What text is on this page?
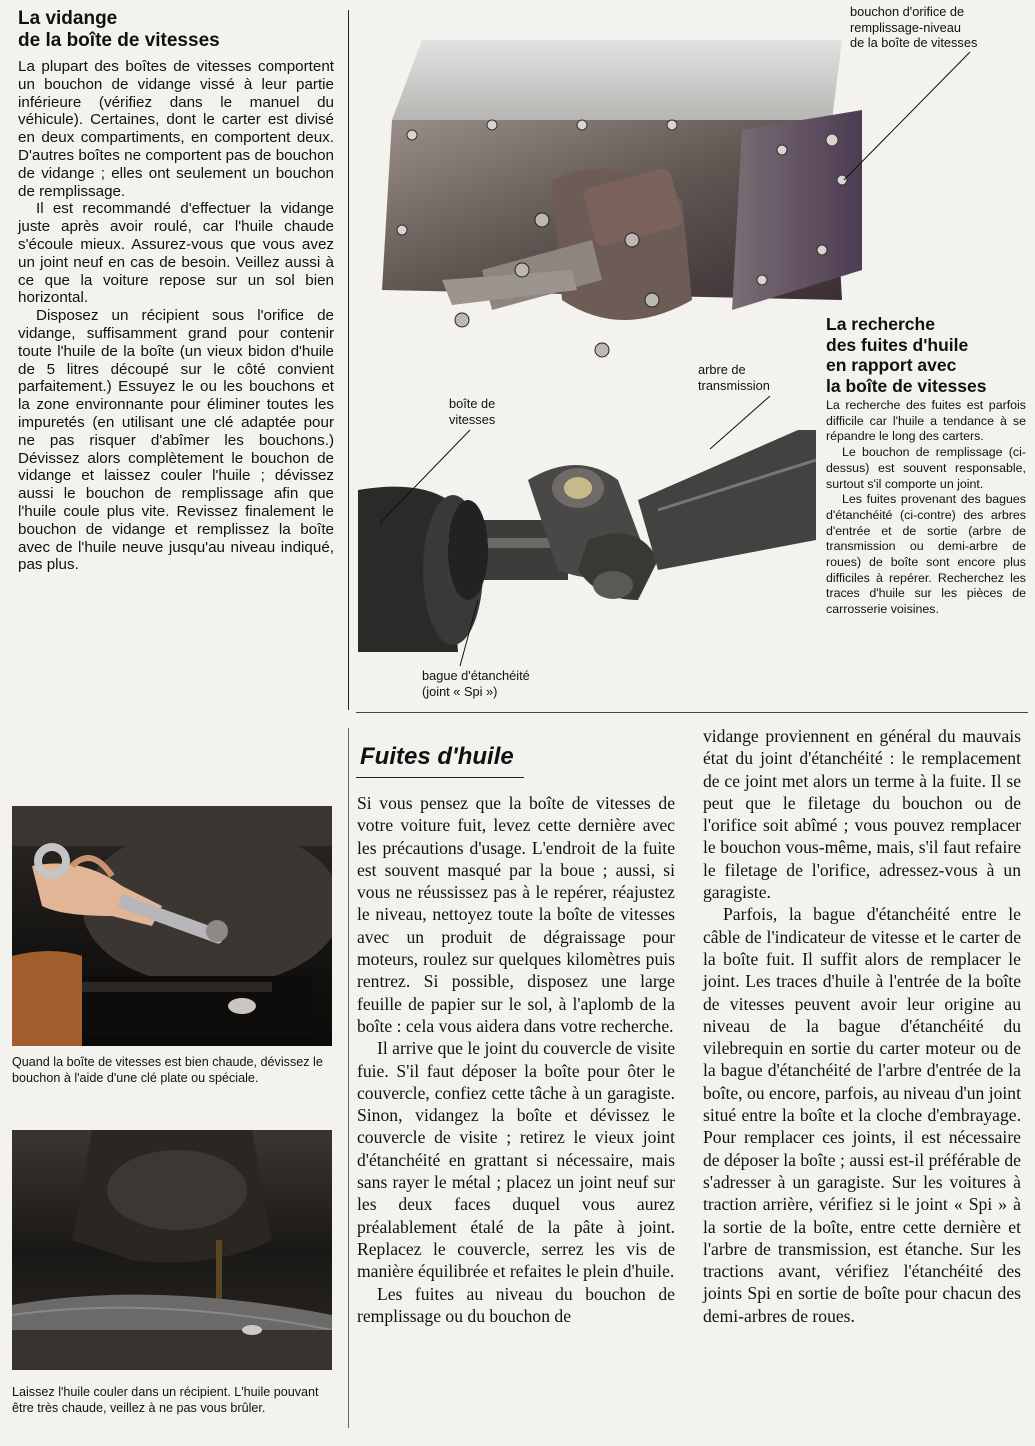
La vidange
de la boîte de vitesses

La plupart des boîtes de vitesses comportent un bouchon de vidange vissé à leur partie inférieure (vérifiez dans le manuel du véhicule). Certaines, dont le carter est divisé en deux compartiments, en comportent deux. D'autres boîtes ne comportent pas de bouchon de vidange ; elles ont seulement un bouchon de remplissage.

Il est recommandé d'effectuer la vidange juste après avoir roulé, car l'huile chaude s'écoule mieux. Assurez-vous que vous avez un joint neuf en cas de besoin. Veillez aussi à ce que la voiture repose sur un sol bien horizontal.

Disposez un récipient sous l'orifice de vidange, suffisamment grand pour contenir toute l'huile de la boîte (un vieux bidon d'huile de 5 litres découpé sur le côté convient parfaitement.) Essuyez le ou les bouchons et la zone environnante pour éliminer toutes les impuretés (en utilisant une clé adaptée pour ne pas risquer d'abîmer les bouchons.) Dévissez alors complètement le bouchon de vidange et laissez couler l'huile ; dévissez aussi le bouchon de remplissage afin que l'huile coule plus vite. Revissez finalement le bouchon de vidange et remplissez la boîte avec de l'huile neuve jusqu'au niveau indiqué, pas plus.

Quand la boîte de vitesses est bien chaude, dévissez le bouchon à l'aide d'une clé plate ou spéciale.
Laissez l'huile couler dans un récipient. L'huile pouvant être très chaude, veillez à ne pas vous brûler.
bouchon d'orifice de
remplissage-niveau
de la boîte de vitesses
La recherche
des fuites d'huile
en rapport avec
la boîte de vitesses

La recherche des fuites est parfois difficile car l'huile a tendance à se répandre le long des carters.

Le bouchon de remplissage (ci-dessus) est souvent responsable, surtout s'il comporte un joint.

Les fuites provenant des bagues d'étanchéité (ci-contre) des arbres d'entrée et de sortie (arbre de transmission ou demi-arbre de roues) de boîte sont encore plus difficiles à repérer. Recherchez les traces d'huile sur les pièces de carrosserie voisines.

boîte de
vitesses
arbre de
transmission
bague d'étanchéité
(joint « Spi »)
Fuites d'huile

Si vous pensez que la boîte de vitesses de votre voiture fuit, levez cette dernière avec les précautions d'usage. L'endroit de la fuite est souvent masqué par la boue ; aussi, si vous ne réussissez pas à le repérer, réajustez le niveau, nettoyez toute la boîte de vitesses avec un produit de dégraissage pour moteurs, roulez sur quelques kilomètres puis rentrez. Si possible, disposez une large feuille de papier sur le sol, à l'aplomb de la boîte : cela vous aidera dans votre recherche.

Il arrive que le joint du couvercle de visite fuie. S'il faut déposer la boîte pour ôter le couvercle, confiez cette tâche à un garagiste. Sinon, vidangez la boîte et dévissez le couvercle de visite ; retirez le vieux joint d'étanchéité en grattant si nécessaire, mais sans rayer le métal ; placez un joint neuf sur les deux faces duquel vous aurez préalablement étalé de la pâte à joint. Replacez le couvercle, serrez les vis de manière équilibrée et refaites le plein d'huile.

Les fuites au niveau du bouchon de remplissage ou du bouchon de

vidange proviennent en général du mauvais état du joint d'étanchéité : le remplacement de ce joint met alors un terme à la fuite. Il se peut que le filetage du bouchon ou de l'orifice soit abîmé ; vous pouvez remplacer le bouchon vous-même, mais, s'il faut refaire le filetage de l'orifice, adressez-vous à un garagiste.

Parfois, la bague d'étanchéité entre le câble de l'indicateur de vitesse et le carter de la boîte fuit. Il suffit alors de remplacer le joint. Les traces d'huile à l'entrée de la boîte de vitesses peuvent avoir leur origine au niveau de la bague d'étanchéité du vilebrequin en sortie du carter moteur ou de la bague d'étanchéité de l'arbre d'entrée de la boîte, ou encore, parfois, au niveau d'un joint situé entre la boîte et la cloche d'embrayage. Pour remplacer ces joints, il est nécessaire de déposer la boîte ; aussi est-il préférable de s'adresser à un garagiste. Sur les voitures à traction arrière, vérifiez si le joint « Spi » à la sortie de la boîte, entre cette dernière et l'arbre de transmission, est étanche. Sur les tractions avant, vérifiez l'étanchéité des joints Spi en sortie de boîte pour chacun des demi-arbres de roues.
